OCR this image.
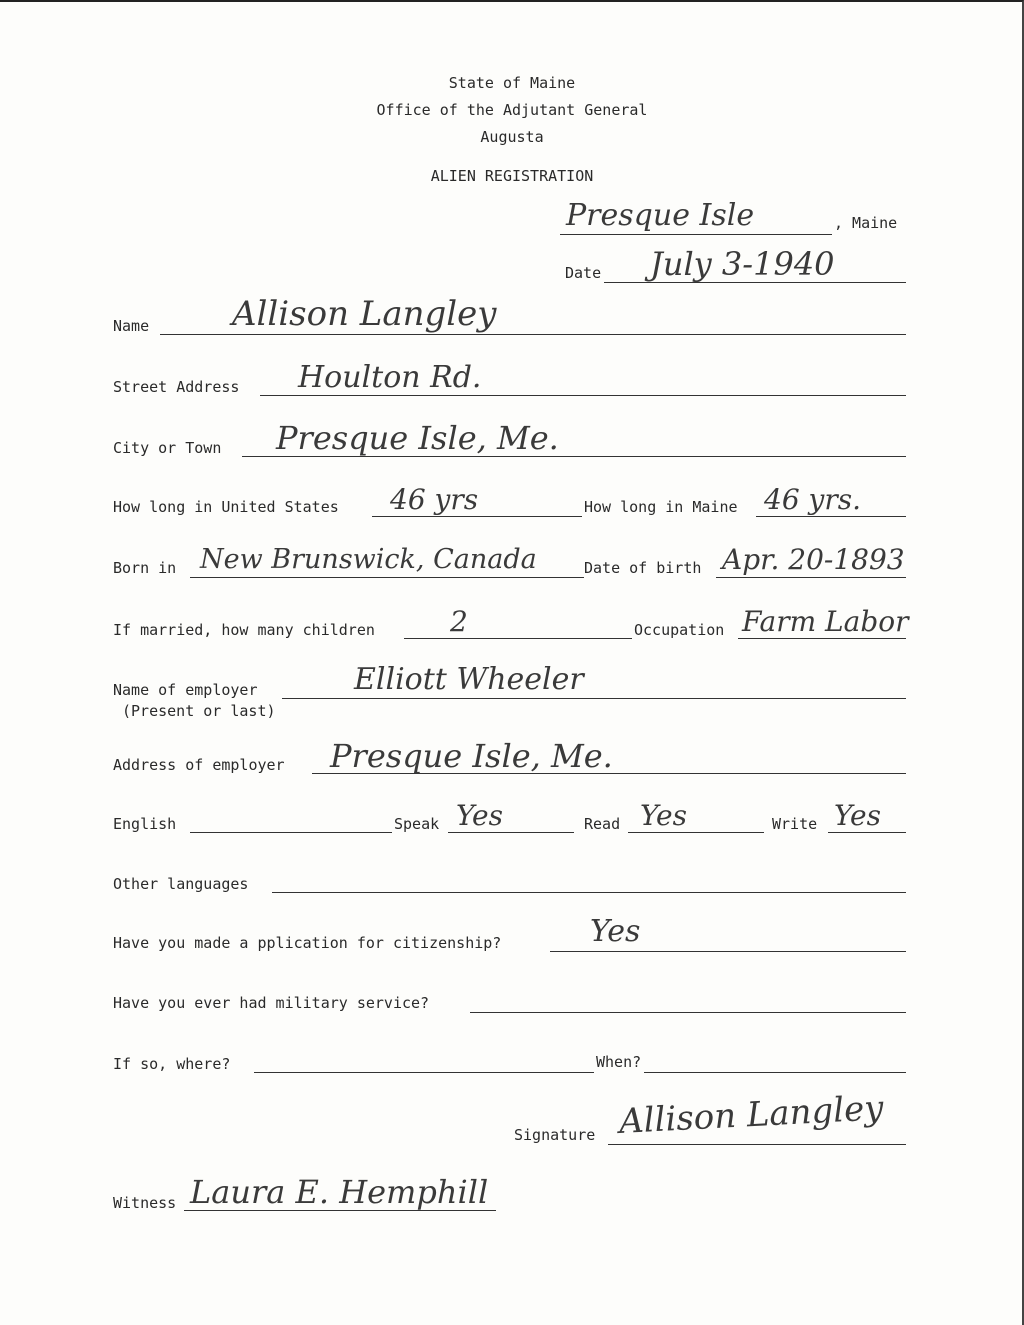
State of Maine
Office of the Adjutant General
Augusta
ALIEN REGISTRATION
Presque Isle	, Maine
Date July 3-1940
Name Allison Langley
Street Address Houlton Rd.
City or Town Presque Isle, Me.
How long in United States 46 yrs	How long in Maine 46 yrs.
Born in New Brunswick, Canada	Date of birth Apr. 20-1893
If married, how many children	2	Occupation Farm Labor
Name of employer
(Present or last)
Elliott Wheeler
Address of employer Presque Isle, Me.
English	Speak Yes	Read Yes	Write Yes
Other languages
Have you made a pplication for citizenship?	Yes
Have you ever had military service?
If so, where?	When?
Signature Allison Langley
Witness Laura E. Hemphill
